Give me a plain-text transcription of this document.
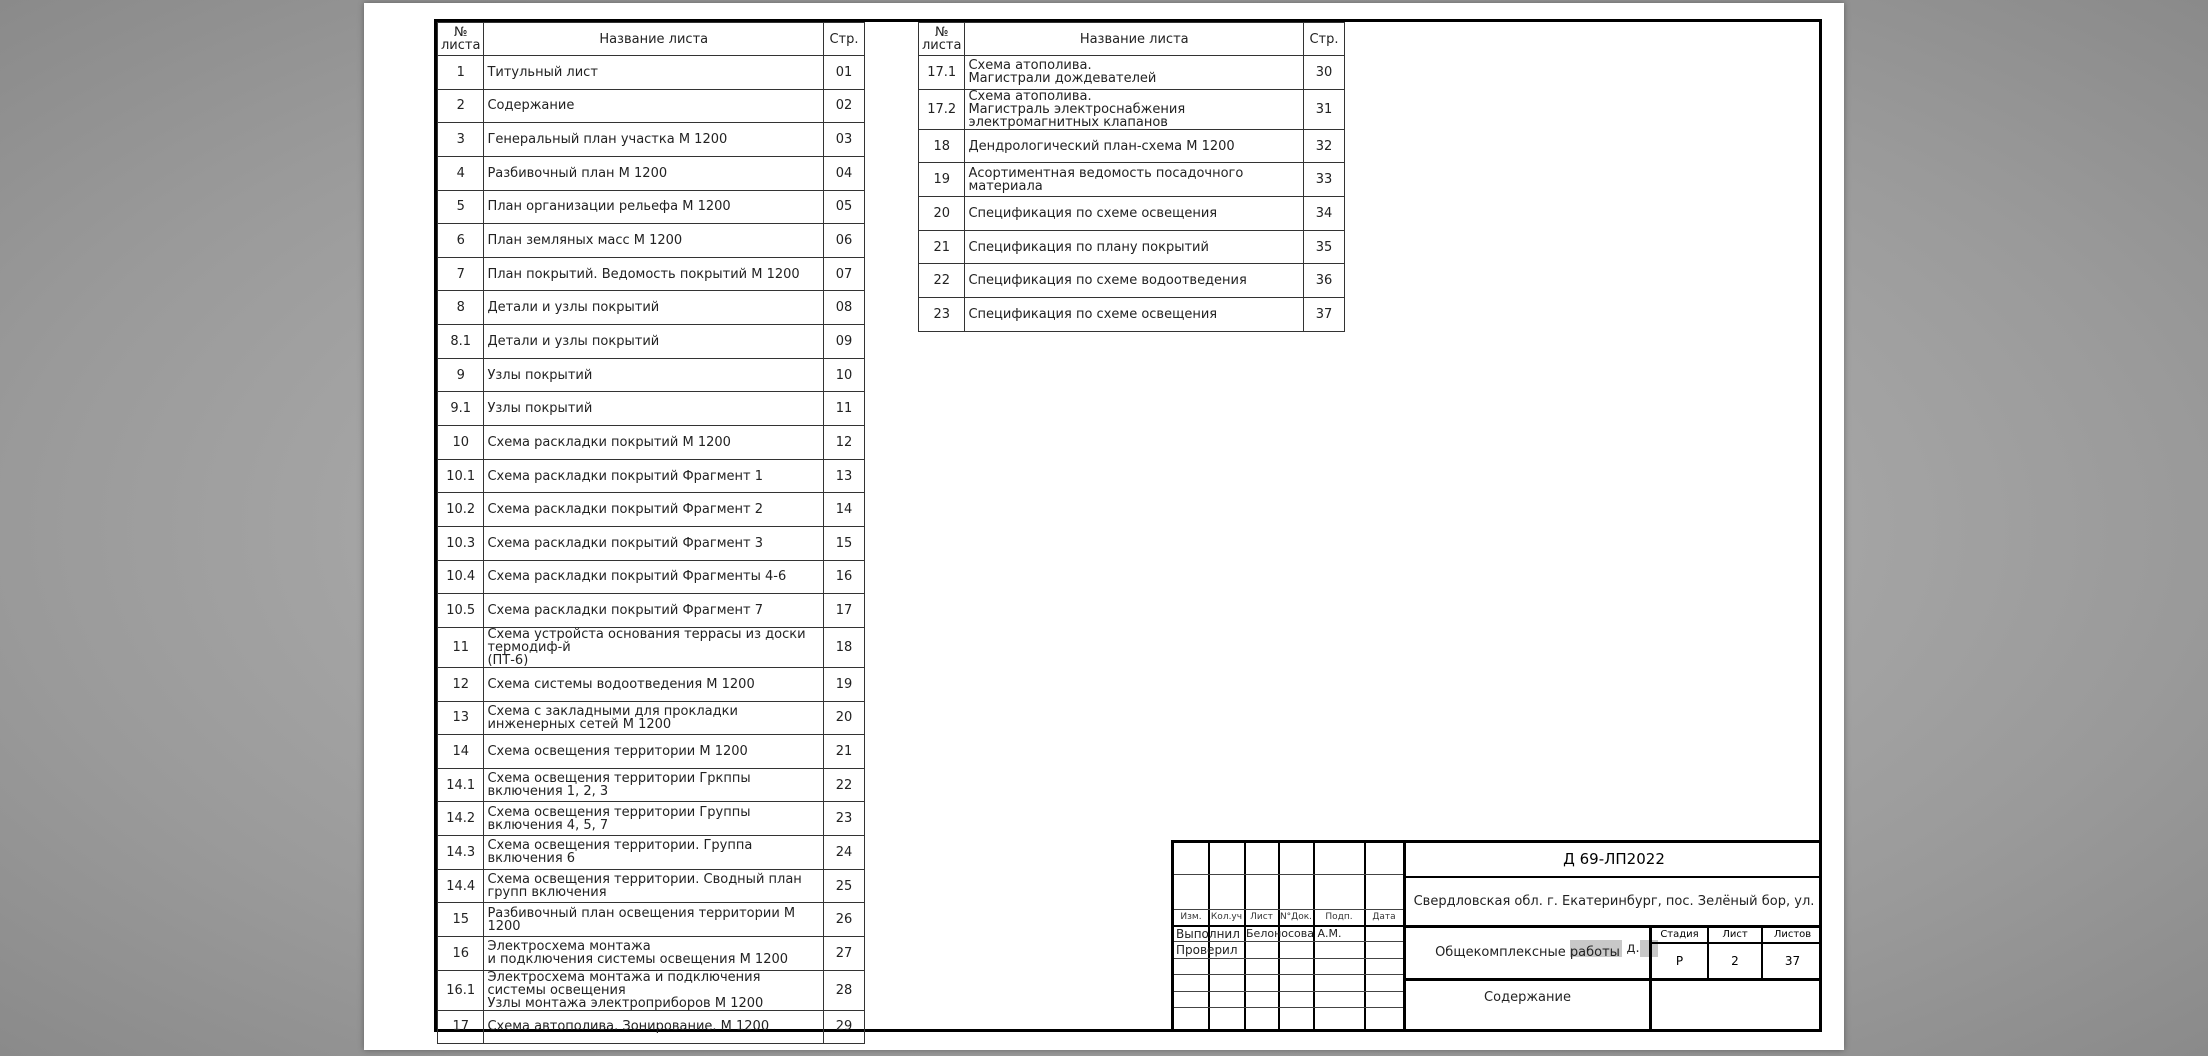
№
листа	Название листа	Стр.
1	Титульный лист	01
2	Содержание	02
3	Генеральный план участка М 1200	03
4	Разбивочный план М 1200	04
5	План организации рельефа М 1200	05
6	План земляных масс М 1200	06
7	План покрытий. Ведомость покрытий М 1200	07
8	Детали и узлы покрытий	08
8.1	Детали и узлы покрытий	09
9	Узлы покрытий	10
9.1	Узлы покрытий	11
10	Схема раскладки покрытий М 1200	12
10.1	Схема раскладки покрытий Фрагмент 1	13
10.2	Схема раскладки покрытий Фрагмент 2	14
10.3	Схема раскладки покрытий Фрагмент 3	15
10.4	Схема раскладки покрытий Фрагменты 4-6	16
10.5	Схема раскладки покрытий Фрагмент 7	17
11	Схема устройста основания террасы из доски термодиф-й
(ПТ-6)	18
12	Схема системы водоотведения М 1200	19
13	Схема с закладными для прокладки инженерных сетей М 1200	20
14	Схема освещения территории М 1200	21
14.1	Схема освещения территории Гркппы включения 1, 2, 3	22
14.2	Схема освещения территории Группы включения 4, 5, 7	23
14.3	Схема освещения территории. Группа включения 6	24
14.4	Схема освещения территории. Сводный план групп включения	25
15	Разбивочный план освещения территории М 1200	26
16	Электросхема монтажа
и подключения системы освещения М 1200	27
16.1	Электросхема монтажа и подключения системы освещения
Узлы монтажа электроприборов М 1200	28
17	Схема автополива. Зонирование. М 1200	29
№
листа	Название листа	Стр.
17.1	Схема атополива.
Магистрали дождевателей	30
17.2	Схема атополива.
Магистраль электроснабжения электромагнитных клапанов	31
18	Дендрологический план-схема М 1200	32
19	Асортиментная ведомость посадочного материала	33
20	Спецификация по схеме освещения	34
21	Спецификация по плану покрытий	35
22	Спецификация по схеме водоотведения	36
23	Спецификация по схеме освещения	37
Изм.	Кол.уч Лист N°Док.	Подп.	Дата
Выполнил Белоносова А.М.
Проверил
Д 69-ЛП2022
Свердловская обл. г. Екатеринбург, пос. Зелёный бор, ул.  д.
Общекомплексные работы
Содержание
Стадия	Лист	Листов
Р	2	37
